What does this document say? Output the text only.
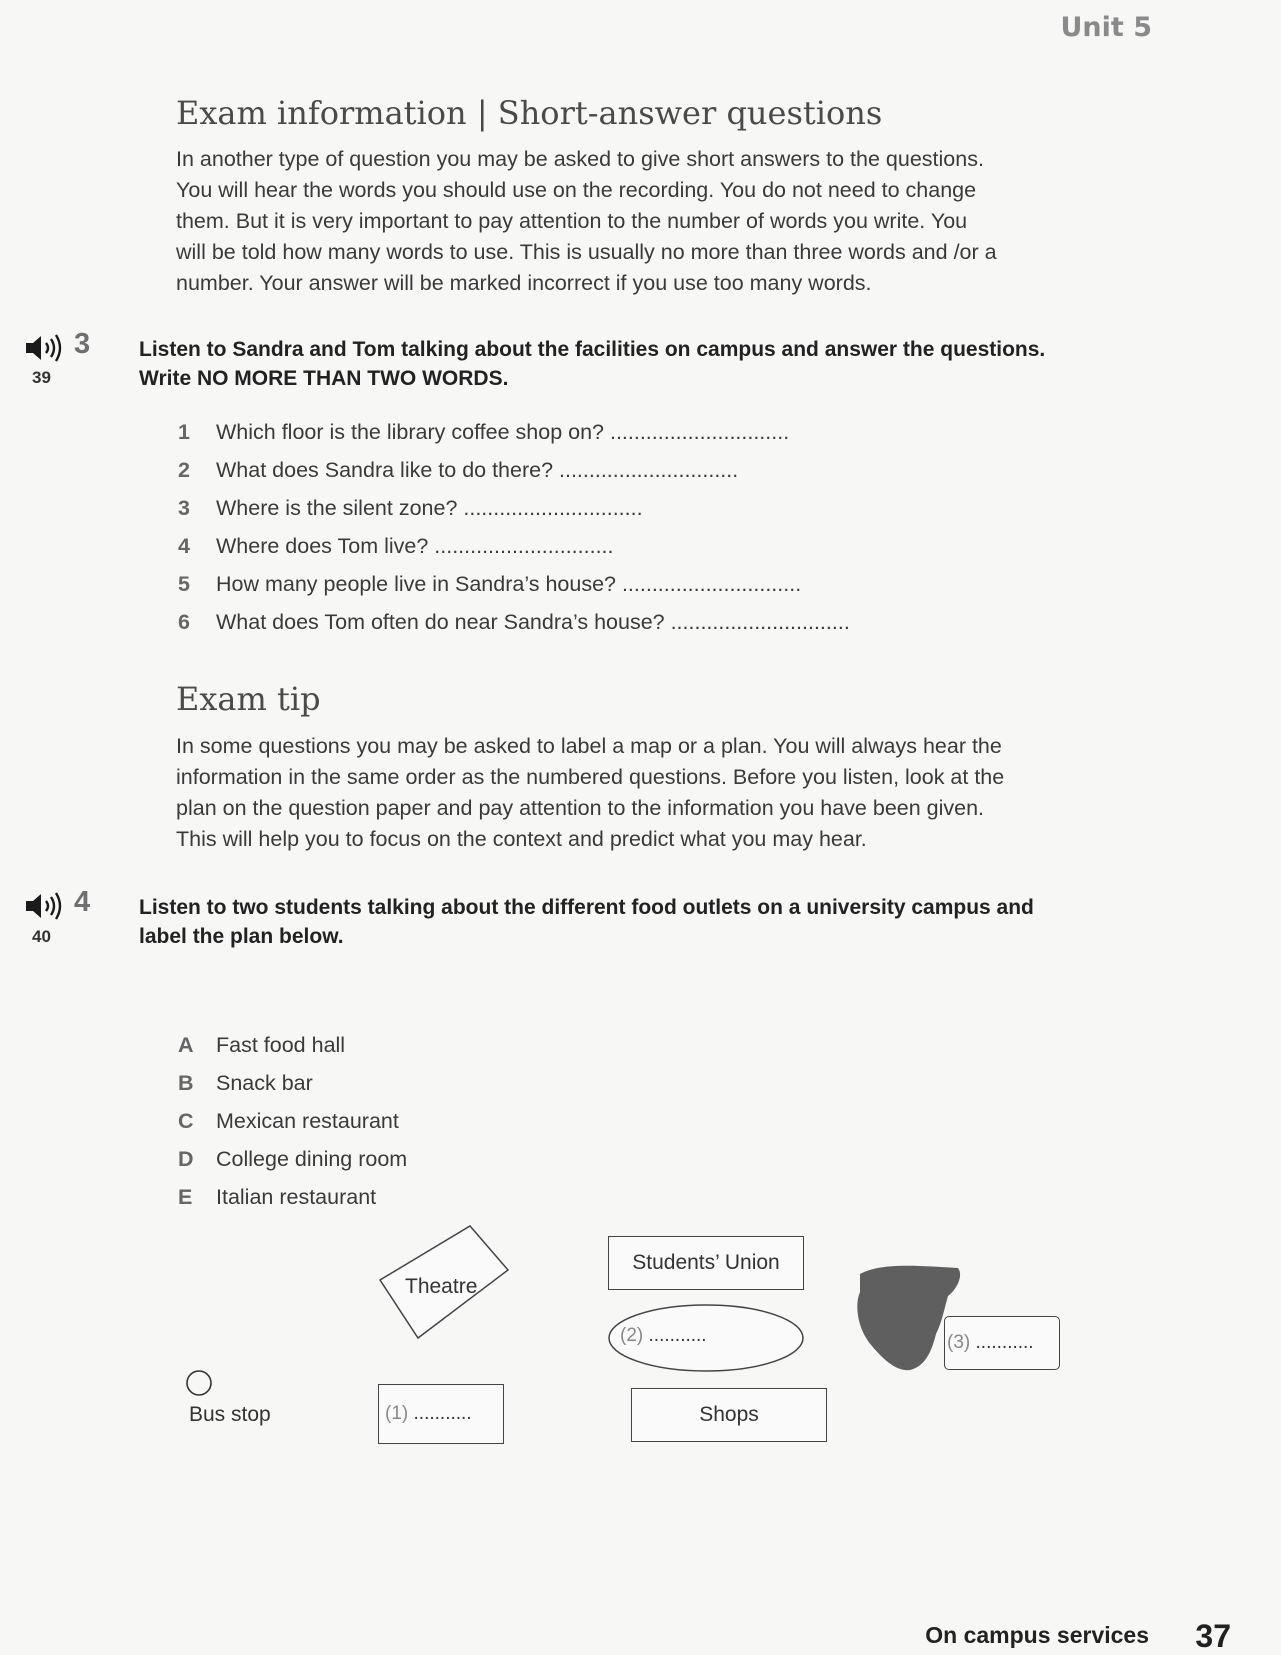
Unit 5
Exam information | Short-answer questions

In another type of question you may be asked to give short answers to the questions.

You will hear the words you should use on the recording. You do not need to change

them. But it is very important to pay attention to the number of words you write. You

will be told how many words to use. This is usually no more than three words and /or a

number. Your answer will be marked incorrect if you use too many words.

3
39
Listen to Sandra and Tom talking about the facilities on campus and answer the questions.
Write NO MORE THAN TWO WORDS.
1	Which floor is the library coffee shop on? ..............................
2	What does Sandra like to do there? ..............................
3	Where is the silent zone? ..............................
4	Where does Tom live? ..............................
5	How many people live in Sandra’s house? ..............................
6	What does Tom often do near Sandra’s house? ..............................
Exam tip

In some questions you may be asked to label a map or a plan. You will always hear the

information in the same order as the numbered questions. Before you listen, look at the

plan on the question paper and pay attention to the information you have been given.

This will help you to focus on the context and predict what you may hear.

4
40
Listen to two students talking about the different food outlets on a university campus and
label the plan below.
A	Fast food hall
B	Snack bar
C	Mexican restaurant
D	College dining room
E	Italian restaurant
Theatre
Students’ Union
(2) ...........	(3) ...........
Bus stop	(1) ...........	Shops
On campus services 37
